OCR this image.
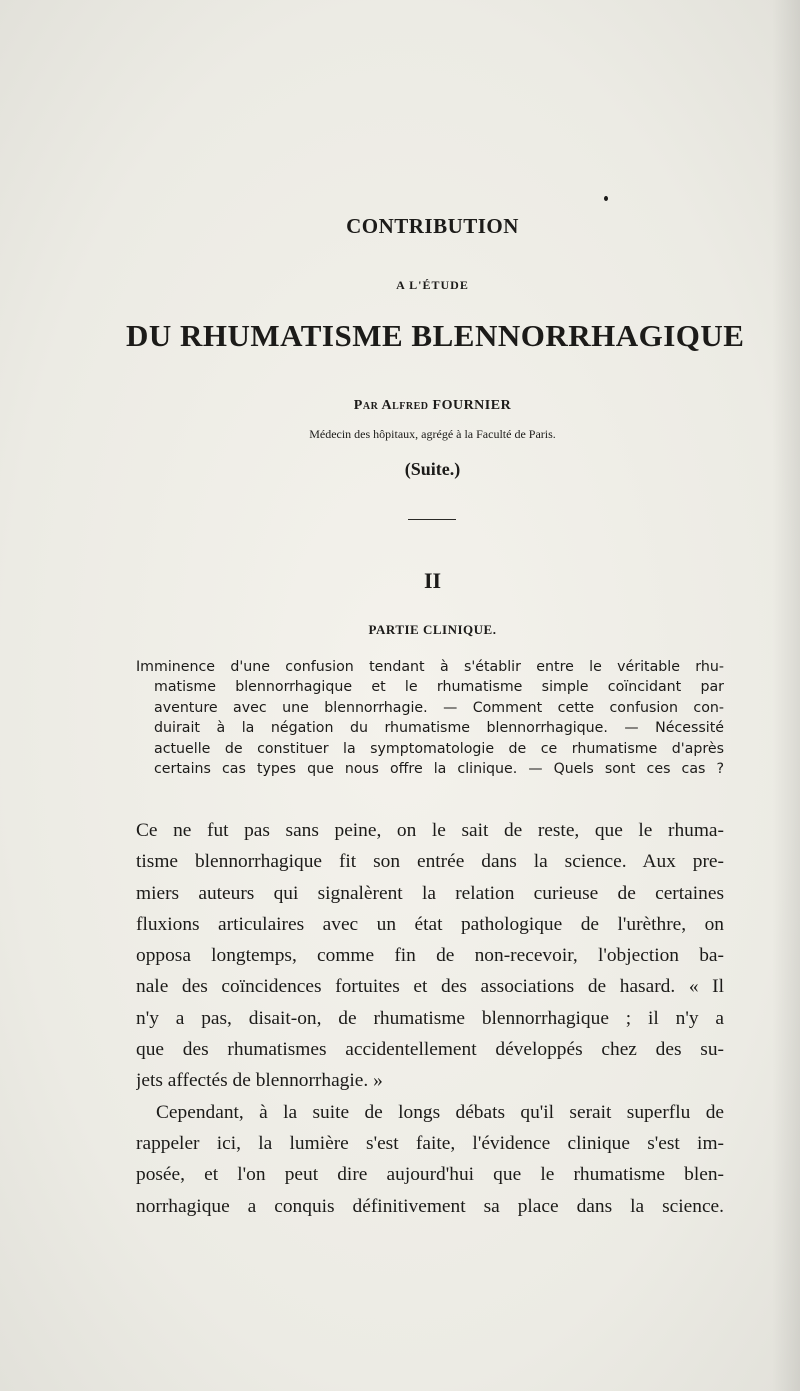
CONTRIBUTION
A L'ÉTUDE
DU RHUMATISME BLENNORRHAGIQUE
Par Alfred FOURNIER
Médecin des hôpitaux, agrégé à la Faculté de Paris.
(Suite.)
II
PARTIE CLINIQUE.
Imminence d'une confusion tendant à s'établir entre le véritable rhu-
matisme blennorrhagique et le rhumatisme simple coïncidant par
aventure avec une blennorrhagie. — Comment cette confusion con-
duirait à la négation du rhumatisme blennorrhagique. — Nécessité
actuelle de constituer la symptomatologie de ce rhumatisme d'après
certains cas types que nous offre la clinique. — Quels sont ces cas ?
Ce ne fut pas sans peine, on le sait de reste, que le rhuma-
tisme blennorrhagique fit son entrée dans la science. Aux pre-
miers auteurs qui signalèrent la relation curieuse de certaines
fluxions articulaires avec un état pathologique de l'urèthre, on
opposa longtemps, comme fin de non-recevoir, l'objection ba-
nale des coïncidences fortuites et des associations de hasard. « Il
n'y a pas, disait-on, de rhumatisme blennorrhagique ; il n'y a
que des rhumatismes accidentellement développés chez des su-
jets affectés de blennorrhagie. »
Cependant, à la suite de longs débats qu'il serait superflu de
rappeler ici, la lumière s'est faite, l'évidence clinique s'est im-
posée, et l'on peut dire aujourd'hui que le rhumatisme blen-
norrhagique a conquis définitivement sa place dans la science.
